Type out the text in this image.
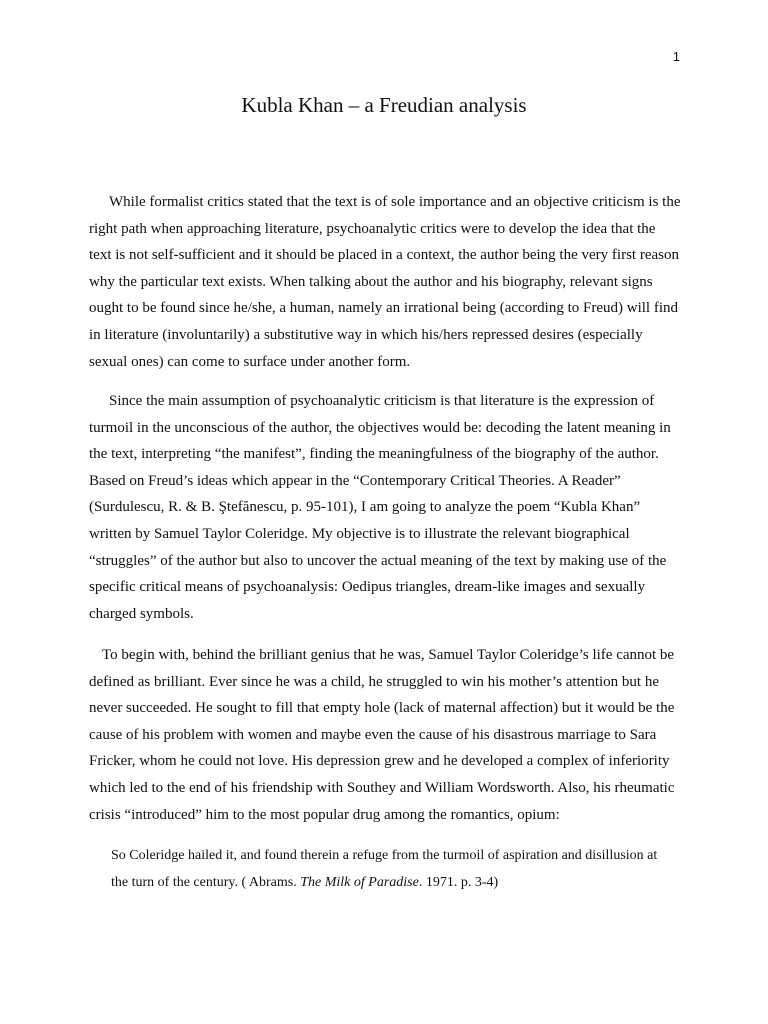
1
Kubla Khan – a Freudian analysis

While formalist critics stated that the text is of sole importance and an objective criticism is the right path when approaching literature, psychoanalytic critics were to develop the idea that the text is not self-sufficient and it should be placed in a context, the author being the very first reason why the particular text exists. When talking about the author and his biography, relevant signs ought to be found since he/she, a human, namely an irrational being (according to Freud) will find in literature (involuntarily) a substitutive way in which his/hers repressed desires (especially sexual ones) can come to surface under another form.

Since the main assumption of psychoanalytic criticism is that literature is the expression of turmoil in the unconscious of the author, the objectives would be: decoding the latent meaning in the text, interpreting “the manifest”, finding the meaningfulness of the biography of the author. Based on Freud’s ideas which appear in the “Contemporary Critical Theories. A Reader” (Surdulescu, R. & B. Ştefănescu, p. 95-101), I am going to analyze the poem “Kubla Khan” written by Samuel Taylor Coleridge. My objective is to illustrate the relevant biographical “struggles” of the author but also to uncover the actual meaning of the text by making use of the specific critical means of psychoanalysis: Oedipus triangles, dream-like images and sexually charged symbols.

To begin with, behind the brilliant genius that he was, Samuel Taylor Coleridge’s life cannot be defined as brilliant. Ever since he was a child, he struggled to win his mother’s attention but he never succeeded. He sought to fill that empty hole (lack of maternal affection) but it would be the cause of his problem with women and maybe even the cause of his disastrous marriage to Sara Fricker, whom he could not love. His depression grew and he developed a complex of inferiority which led to the end of his friendship with Southey and William Wordsworth. Also, his rheumatic crisis “introduced” him to the most popular drug among the romantics, opium:

So Coleridge hailed it, and found therein a refuge from the turmoil of aspiration and disillusion at the turn of the century. ( Abrams. The Milk of Paradise. 1971. p. 3-4)
